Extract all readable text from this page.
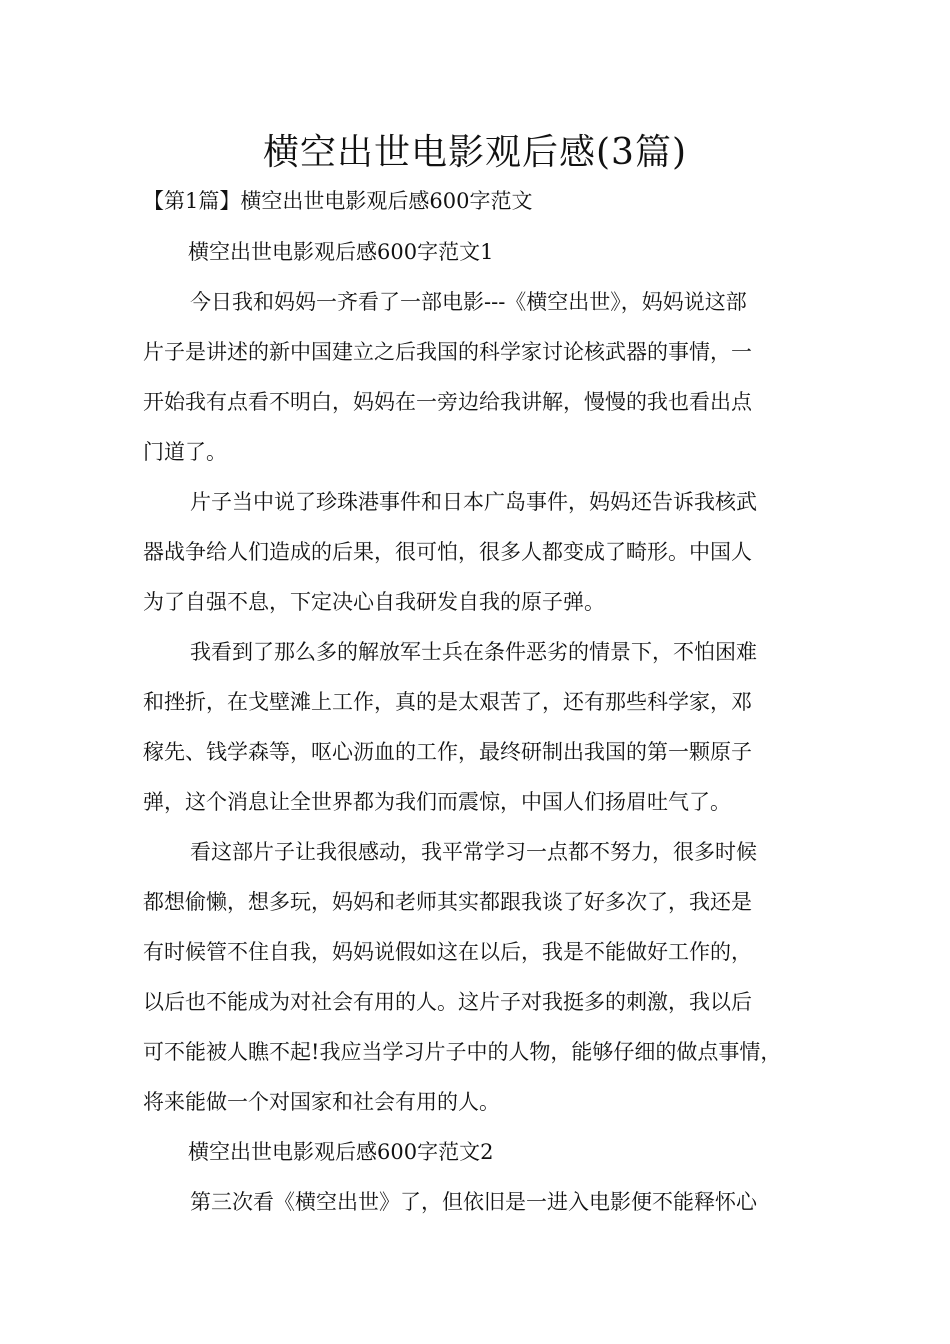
横空出世电影观后感(3篇)

【第1篇】横空出世电影观后感600字范文

横空出世电影观后感600字范文1

今日我和妈妈一齐看了一部电影---《横空出世》，妈妈说这部

片子是讲述的新中国建立之后我国的科学家讨论核武器的事情，一

开始我有点看不明白，妈妈在一旁边给我讲解，慢慢的我也看出点

门道了。

片子当中说了珍珠港事件和日本广岛事件，妈妈还告诉我核武

器战争给人们造成的后果，很可怕，很多人都变成了畸形。中国人

为了自强不息，下定决心自我研发自我的原子弹。

我看到了那么多的解放军士兵在条件恶劣的情景下，不怕困难

和挫折，在戈壁滩上工作，真的是太艰苦了，还有那些科学家，邓

稼先、钱学森等，呕心沥血的工作，最终研制出我国的第一颗原子

弹，这个消息让全世界都为我们而震惊，中国人们扬眉吐气了。

看这部片子让我很感动，我平常学习一点都不努力，很多时候

都想偷懒，想多玩，妈妈和老师其实都跟我谈了好多次了，我还是

有时候管不住自我，妈妈说假如这在以后，我是不能做好工作的，

以后也不能成为对社会有用的人。这片子对我挺多的刺激，我以后

可不能被人瞧不起!我应当学习片子中的人物，能够仔细的做点事情，

将来能做一个对国家和社会有用的人。

横空出世电影观后感600字范文2

第三次看《横空出世》了，但依旧是一进入电影便不能释怀心
